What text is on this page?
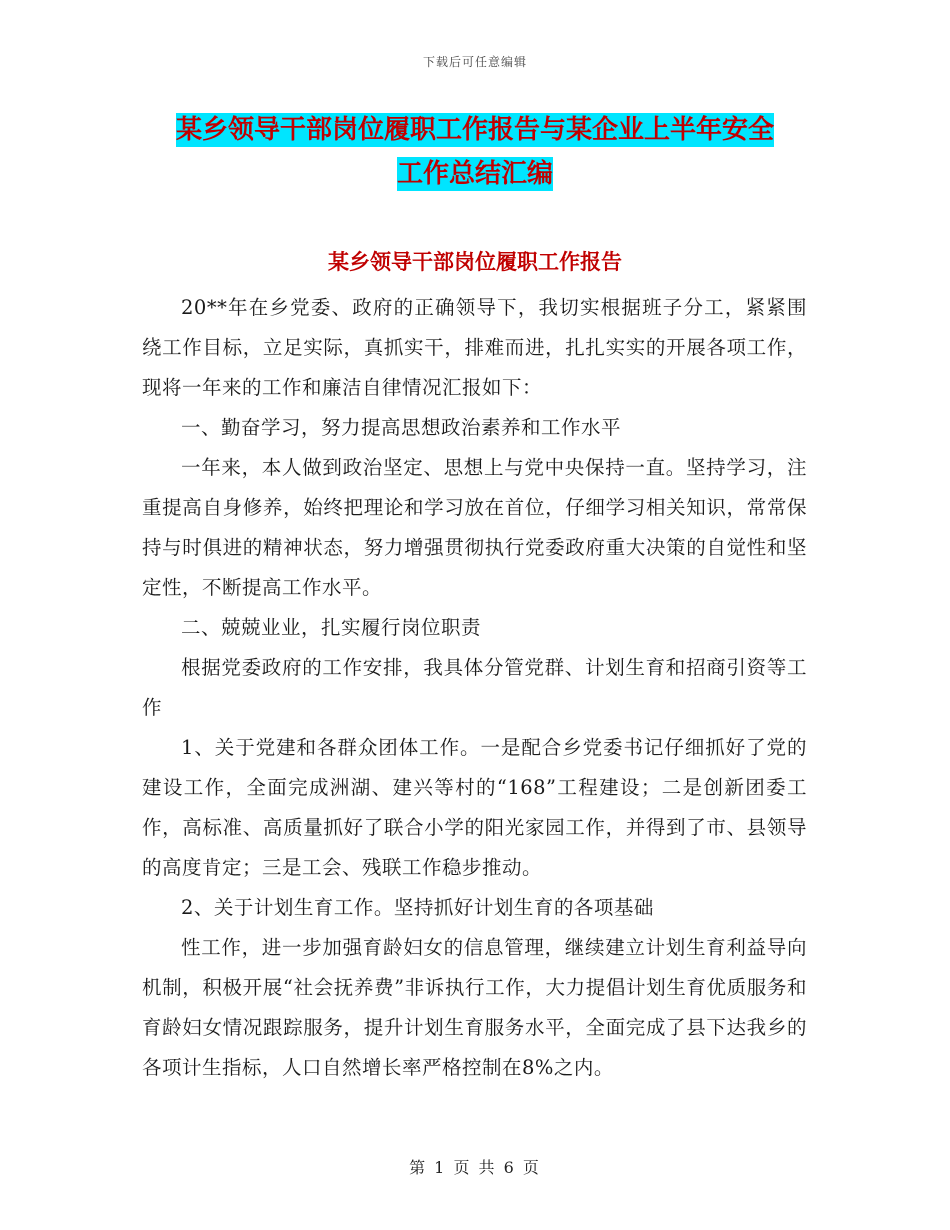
下载后可任意编辑
某乡领导干部岗位履职工作报告与某企业上半年安全
工作总结汇编
某乡领导干部岗位履职工作报告

20**年在乡党委、政府的正确领导下，我切实根据班子分工，紧紧围绕工作目标，立足实际，真抓实干，排难而进，扎扎实实的开展各项工作，现将一年来的工作和廉洁自律情况汇报如下：

一、勤奋学习，努力提高思想政治素养和工作水平

一年来，本人做到政治坚定、思想上与党中央保持一直。坚持学习，注重提高自身修养，始终把理论和学习放在首位，仔细学习相关知识，常常保持与时俱进的精神状态，努力增强贯彻执行党委政府重大决策的自觉性和坚定性，不断提高工作水平。

二、兢兢业业，扎实履行岗位职责

根据党委政府的工作安排，我具体分管党群、计划生育和招商引资等工作

1、关于党建和各群众团体工作。一是配合乡党委书记仔细抓好了党的建设工作，全面完成洲湖、建兴等村的“168”工程建设；二是创新团委工作，高标准、高质量抓好了联合小学的阳光家园工作，并得到了市、县领导的高度肯定；三是工会、残联工作稳步推动。

2、关于计划生育工作。坚持抓好计划生育的各项基础

性工作，进一步加强育龄妇女的信息管理，继续建立计划生育利益导向机制，积极开展“社会抚养费”非诉执行工作，大力提倡计划生育优质服务和育龄妇女情况跟踪服务，提升计划生育服务水平，全面完成了县下达我乡的各项计生指标，人口自然增长率严格控制在8%之内。

第 1 页 共 6 页
